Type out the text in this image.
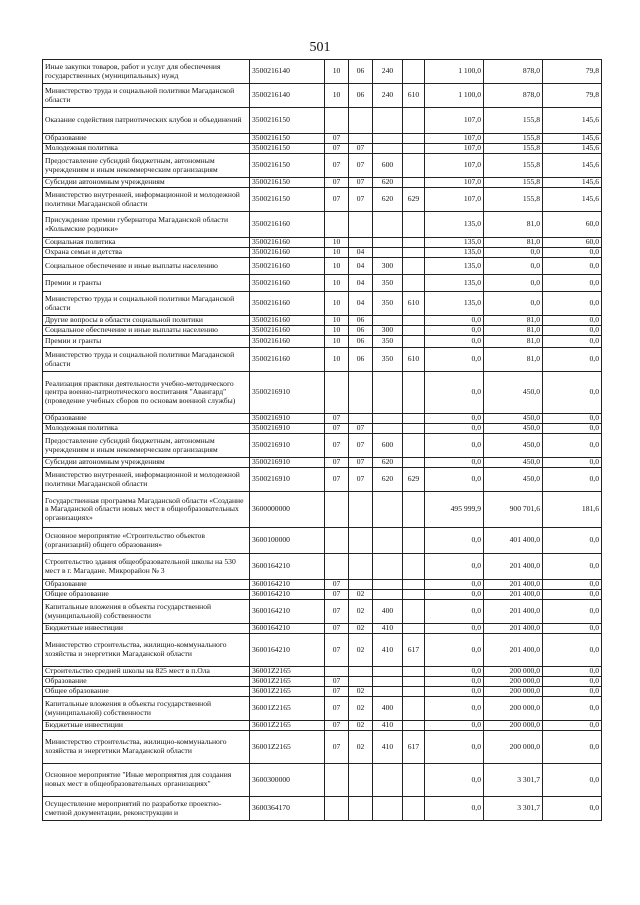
501
Иные закупки товаров, работ и услуг для обеспечения государственных (муниципальных) нужд	3500216140	10	06	240		1 100,0	878,0	79,8
Министерство труда и социальной политики Магаданской области	3500216140	10	06	240	610	1 100,0	878,0	79,8
Оказание содействия патриотических клубов и объединений	3500216150					107,0	155,8	145,6
Образование	3500216150	07				107,0	155,8	145,6
Молодежная политика	3500216150	07	07			107,0	155,8	145,6
Предоставление субсидий бюджетным, автономным учреждениям и иным некоммерческим организациям	3500216150	07	07	600		107,0	155,8	145,6
Субсидии автономным учреждениям	3500216150	07	07	620		107,0	155,8	145,6
Министерство внутренней, информационной и молодежной политики Магаданской области	3500216150	07	07	620	629	107,0	155,8	145,6
Присуждение премии губернатора Магаданской области «Колымские родники»	3500216160					135,0	81,0	60,0
Социальная политика	3500216160	10				135,0	81,0	60,0
Охрана семьи и детства	3500216160	10	04			135,0	0,0	0,0
Социальное обеспечение и иные выплаты населению	3500216160	10	04	300		135,0	0,0	0,0
Премии и гранты	3500216160	10	04	350		135,0	0,0	0,0
Министерство труда и социальной политики Магаданской области	3500216160	10	04	350	610	135,0	0,0	0,0
Другие вопросы в области социальной политики	3500216160	10	06			0,0	81,0	0,0
Социальное обеспечение и иные выплаты населению	3500216160	10	06	300		0,0	81,0	0,0
Премии и гранты	3500216160	10	06	350		0,0	81,0	0,0
Министерство труда и социальной политики Магаданской области	3500216160	10	06	350	610	0,0	81,0	0,0
Реализация практики деятельности учебно-методического центра военно-патриотического воспитания "Авангард" (проведение учебных сборов по основам военной службы)	3500216910					0,0	450,0	0,0
Образование	3500216910	07				0,0	450,0	0,0
Молодежная политика	3500216910	07	07			0,0	450,0	0,0
Предоставление субсидий бюджетным, автономным учреждениям и иным некоммерческим организациям	3500216910	07	07	600		0,0	450,0	0,0
Субсидии автономным учреждениям	3500216910	07	07	620		0,0	450,0	0,0
Министерство внутренней, информационной и молодежной политики Магаданской области	3500216910	07	07	620	629	0,0	450,0	0,0
Государственная программа Магаданской области «Создание в Магаданской области новых мест в общеобразовательных организациях»	3600000000					495 999,9	900 701,6	181,6
Основное мероприятие «Строительство объектов (организаций) общего образования»	3600100000					0,0	401 400,0	0,0
Строительство здания общеобразовательной школы на 530 мест в г. Магадане. Микрорайон № 3	3600164210					0,0	201 400,0	0,0
Образование	3600164210	07				0,0	201 400,0	0,0
Общее образование	3600164210	07	02			0,0	201 400,0	0,0
Капитальные вложения в объекты государственной (муниципальной) собственности	3600164210	07	02	400		0,0	201 400,0	0,0
Бюджетные инвестиции	3600164210	07	02	410		0,0	201 400,0	0,0
Министерство строительства, жилищно-коммунального хозяйства и энергетики Магаданской области	3600164210	07	02	410	617	0,0	201 400,0	0,0
Строительство средней школы на 825 мест в п.Ола	36001Z2165					0,0	200 000,0	0,0
Образование	36001Z2165	07				0,0	200 000,0	0,0
Общее образование	36001Z2165	07	02			0,0	200 000,0	0,0
Капитальные вложения в объекты государственной (муниципальной) собственности	36001Z2165	07	02	400		0,0	200 000,0	0,0
Бюджетные инвестиции	36001Z2165	07	02	410		0,0	200 000,0	0,0
Министерство строительства, жилищно-коммунального хозяйства и энергетики Магаданской области	36001Z2165	07	02	410	617	0,0	200 000,0	0,0
Основное мероприятие "Иные мероприятия для создания новых мест в общеобразовательных организациях"	3600300000					0,0	3 301,7	0,0
Осуществление мероприятий по разработке проектно-сметной документации, реконструкции и	3600364170					0,0	3 301,7	0,0
